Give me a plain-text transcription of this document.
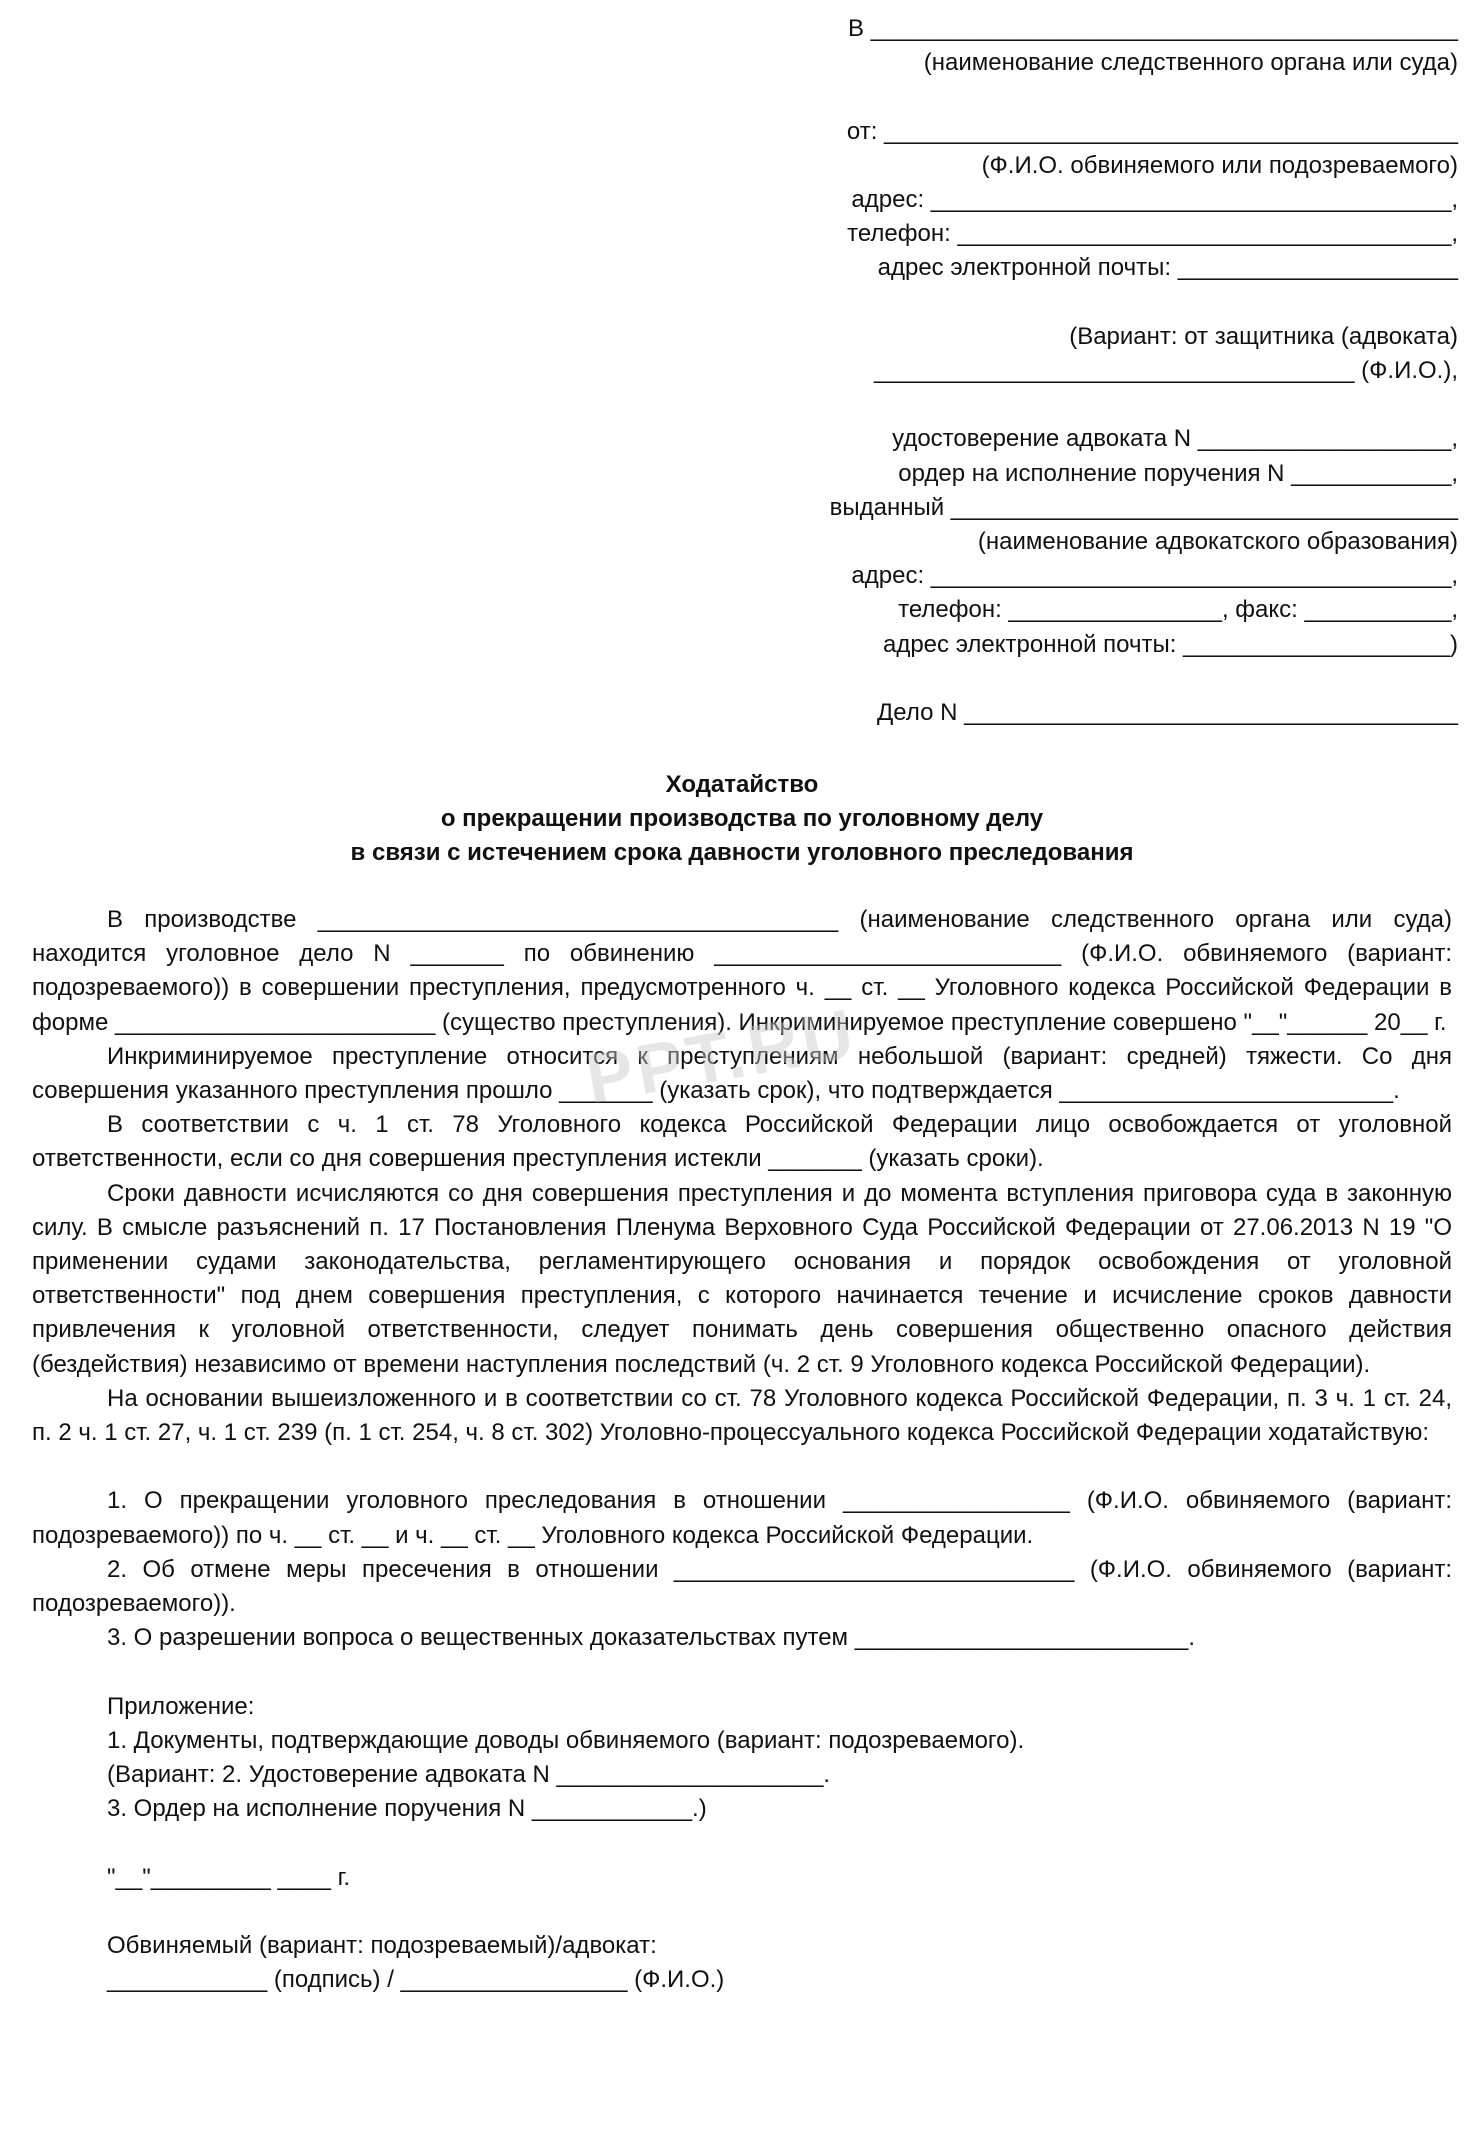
В ____________________________________________
(наименование следственного органа или суда)
от: ___________________________________________
(Ф.И.О. обвиняемого или подозреваемого)
адрес: _______________________________________,
телефон: _____________________________________,
адрес электронной почты: _____________________
(Вариант: от защитника (адвоката)
____________________________________ (Ф.И.О.),
удостоверение адвоката N ___________________,
ордер на исполнение поручения N ____________,
выданный ______________________________________
(наименование адвокатского образования)
адрес: _______________________________________,
телефон: ________________, факс: ___________,
адрес электронной почты: ____________________)
Дело N _____________________________________
Ходатайство
о прекращении производства по уголовному делу
в связи с истечением срока давности уголовного преследования

В производстве _______________________________________ (наименование следственного органа или суда) находится уголовное дело N _______ по обвинению __________________________ (Ф.И.О. обвиняемого (вариант: подозреваемого)) в совершении преступления, предусмотренного ч. __ ст. __ Уголовного кодекса Российской Федерации в форме ________________________ (существо преступления). Инкриминируемое преступление совершено "__"______ 20__ г.

Инкриминируемое преступление относится к преступлениям небольшой (вариант: средней) тяжести. Со дня совершения указанного преступления прошло _______ (указать срок), что подтверждается _________________________.

В соответствии с ч. 1 ст. 78 Уголовного кодекса Российской Федерации лицо освобождается от уголовной ответственности, если со дня совершения преступления истекли _______ (указать сроки).

Сроки давности исчисляются со дня совершения преступления и до момента вступления приговора суда в законную силу. В смысле разъяснений п. 17 Постановления Пленума Верховного Суда Российской Федерации от 27.06.2013 N 19 "О применении судами законодательства, регламентирующего основания и порядок освобождения от уголовной ответственности" под днем совершения преступления, с которого начинается течение и исчисление сроков давности привлечения к уголовной ответственности, следует понимать день совершения общественно опасного действия (бездействия) независимо от времени наступления последствий (ч. 2 ст. 9 Уголовного кодекса Российской Федерации).

На основании вышеизложенного и в соответствии со ст. 78 Уголовного кодекса Российской Федерации, п. 3 ч. 1 ст. 24, п. 2 ч. 1 ст. 27, ч. 1 ст. 239 (п. 1 ст. 254, ч. 8 ст. 302) Уголовно-процессуального кодекса Российской Федерации ходатайствую:

1. О прекращении уголовного преследования в отношении _________________ (Ф.И.О. обвиняемого (вариант: подозреваемого)) по ч. __ ст. __ и ч. __ ст. __ Уголовного кодекса Российской Федерации.

2. Об отмене меры пресечения в отношении ______________________________ (Ф.И.О. обвиняемого (вариант: подозреваемого)).

3. О разрешении вопроса о вещественных доказательствах путем _________________________.

Приложение:
1. Документы, подтверждающие доводы обвиняемого (вариант: подозреваемого).
(Вариант: 2. Удостоверение адвоката N ____________________.
3. Ордер на исполнение поручения N ____________.)
"__"_________ ____ г.
Обвиняемый (вариант: подозреваемый)/адвокат:
____________ (подпись) / _________________ (Ф.И.О.)
PPT.RU
